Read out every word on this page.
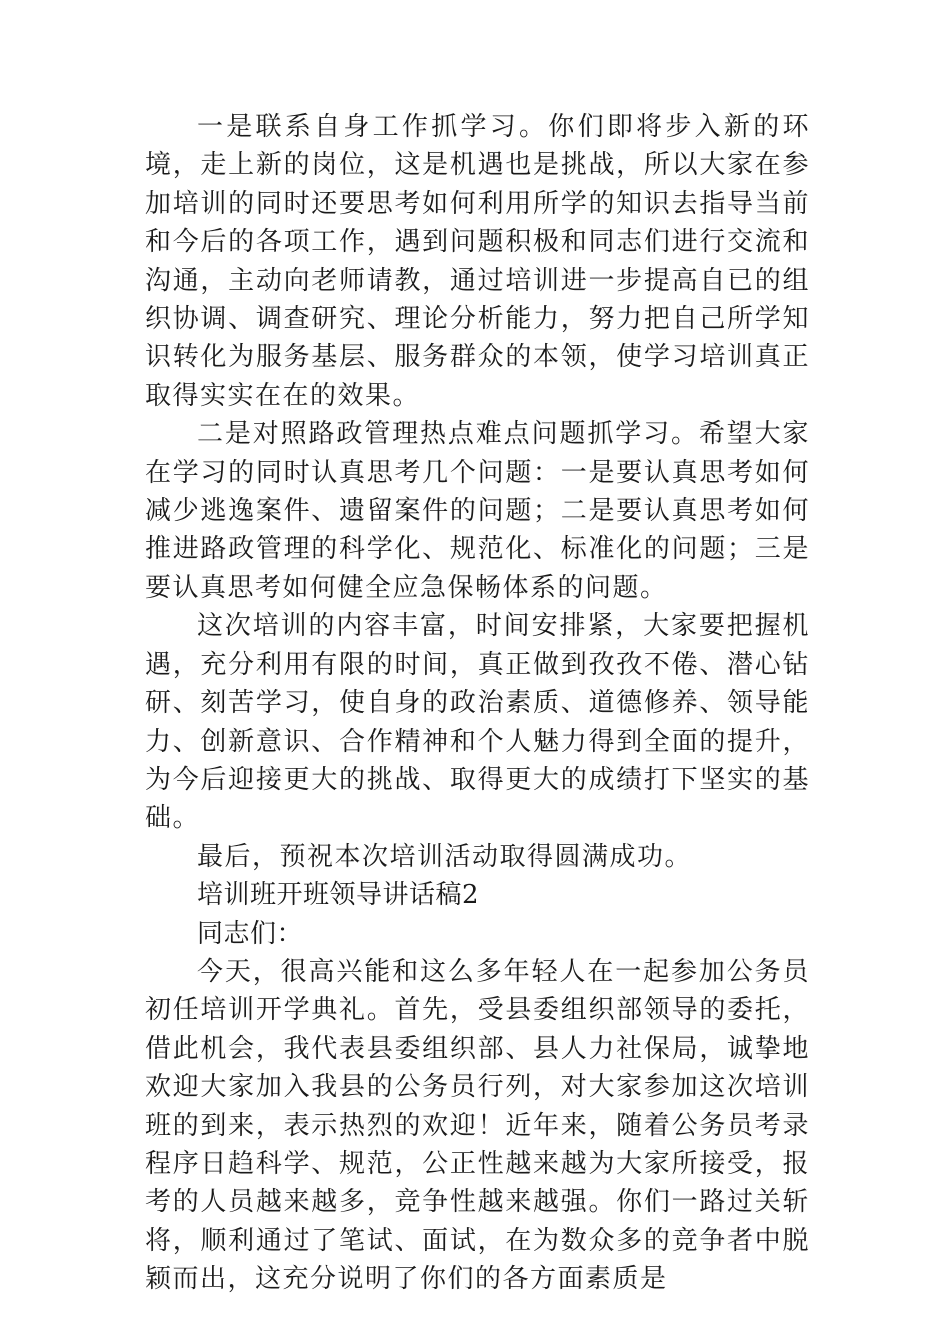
一是联系自身工作抓学习。你们即将步入新的环境，走上新的岗位，这是机遇也是挑战，所以大家在参加培训的同时还要思考如何利用所学的知识去指导当前和今后的各项工作，遇到问题积极和同志们进行交流和沟通，主动向老师请教，通过培训进一步提高自已的组织协调、调查研究、理论分析能力，努力把自己所学知识转化为服务基层、服务群众的本领，使学习培训真正取得实实在在的效果。

二是对照路政管理热点难点问题抓学习。希望大家在学习的同时认真思考几个问题：一是要认真思考如何减少逃逸案件、遗留案件的问题；二是要认真思考如何推进路政管理的科学化、规范化、标准化的问题；三是要认真思考如何健全应急保畅体系的问题。

这次培训的内容丰富，时间安排紧，大家要把握机遇，充分利用有限的时间，真正做到孜孜不倦、潜心钻研、刻苦学习，使自身的政治素质、道德修养、领导能力、创新意识、合作精神和个人魅力得到全面的提升，为今后迎接更大的挑战、取得更大的成绩打下坚实的基础。

最后，预祝本次培训活动取得圆满成功。

培训班开班领导讲话稿2

同志们：

今天，很高兴能和这么多年轻人在一起参加公务员初任培训开学典礼。首先，受县委组织部领导的委托，借此机会，我代表县委组织部、县人力社保局，诚挚地欢迎大家加入我县的公务员行列，对大家参加这次培训班的到来，表示热烈的欢迎！近年来，随着公务员考录程序日趋科学、规范，公正性越来越为大家所接受，报考的人员越来越多，竞争性越来越强。你们一路过关斩将，顺利通过了笔试、面试，在为数众多的竞争者中脱颖而出，这充分说明了你们的各方面素质是
